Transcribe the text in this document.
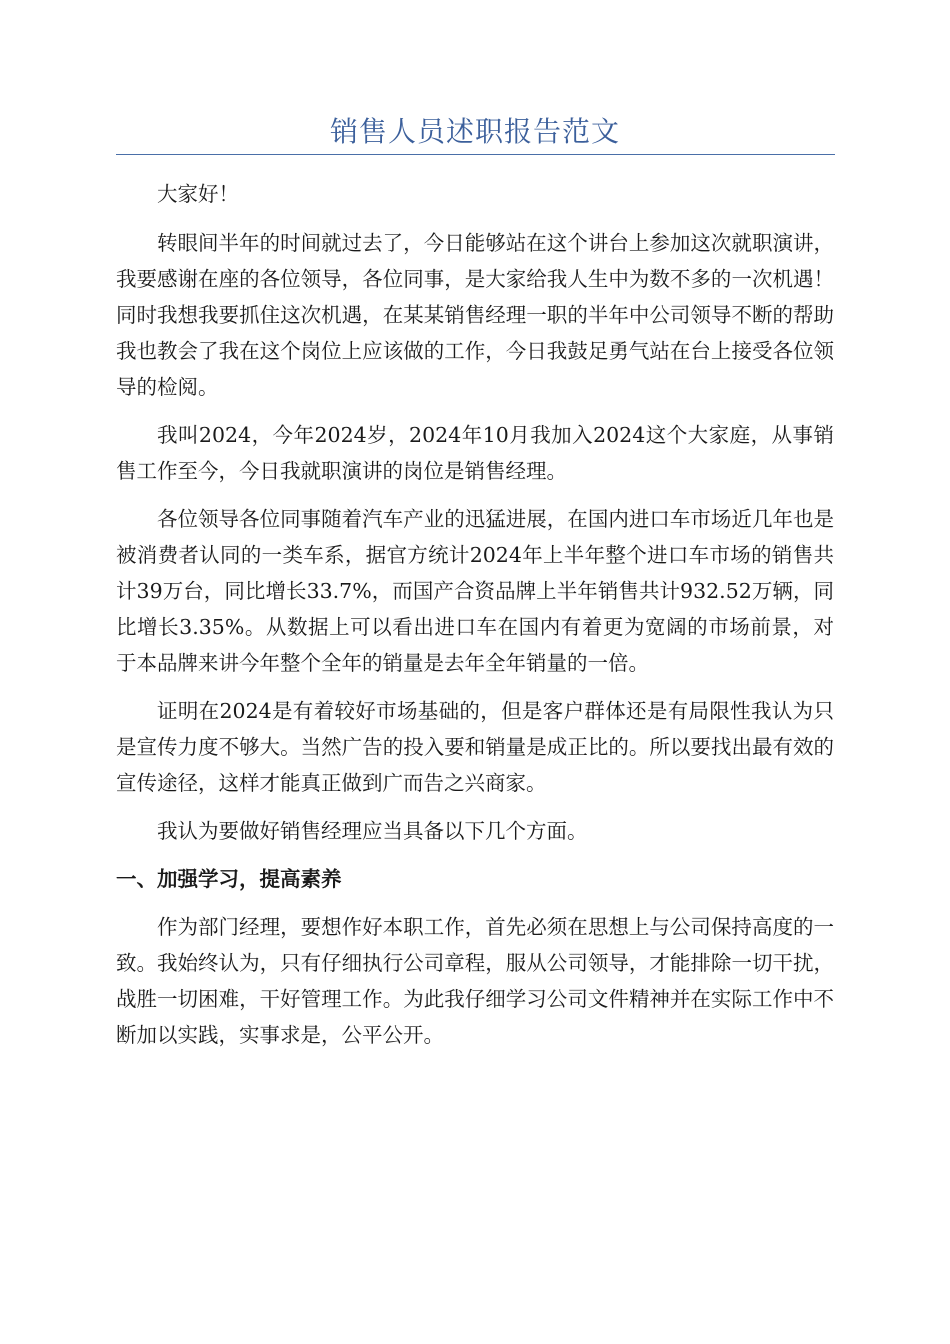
销售人员述职报告范文

大家好！

转眼间半年的时间就过去了，今日能够站在这个讲台上参加这次就职演讲，我要感谢在座的各位领导，各位同事，是大家给我人生中为数不多的一次机遇！同时我想我要抓住这次机遇，在某某销售经理一职的半年中公司领导不断的帮助我也教会了我在这个岗位上应该做的工作，今日我鼓足勇气站在台上接受各位领导的检阅。

我叫2024，今年2024岁，2024年10月我加入2024这个大家庭，从事销售工作至今，今日我就职演讲的岗位是销售经理。

各位领导各位同事随着汽车产业的迅猛进展，在国内进口车市场近几年也是被消费者认同的一类车系，据官方统计2024年上半年整个进口车市场的销售共计39万台，同比增长33.7%，而国产合资品牌上半年销售共计932.52万辆，同比增长3.35%。从数据上可以看出进口车在国内有着更为宽阔的市场前景，对于本品牌来讲今年整个全年的销量是去年全年销量的一倍。

证明在2024是有着较好市场基础的，但是客户群体还是有局限性我认为只是宣传力度不够大。当然广告的投入要和销量是成正比的。所以要找出最有效的宣传途径，这样才能真正做到广而告之兴商家。

我认为要做好销售经理应当具备以下几个方面。

一、加强学习，提高素养

作为部门经理，要想作好本职工作，首先必须在思想上与公司保持高度的一致。我始终认为，只有仔细执行公司章程，服从公司领导，才能排除一切干扰，战胜一切困难，干好管理工作。为此我仔细学习公司文件精神并在实际工作中不断加以实践，实事求是，公平公开。
